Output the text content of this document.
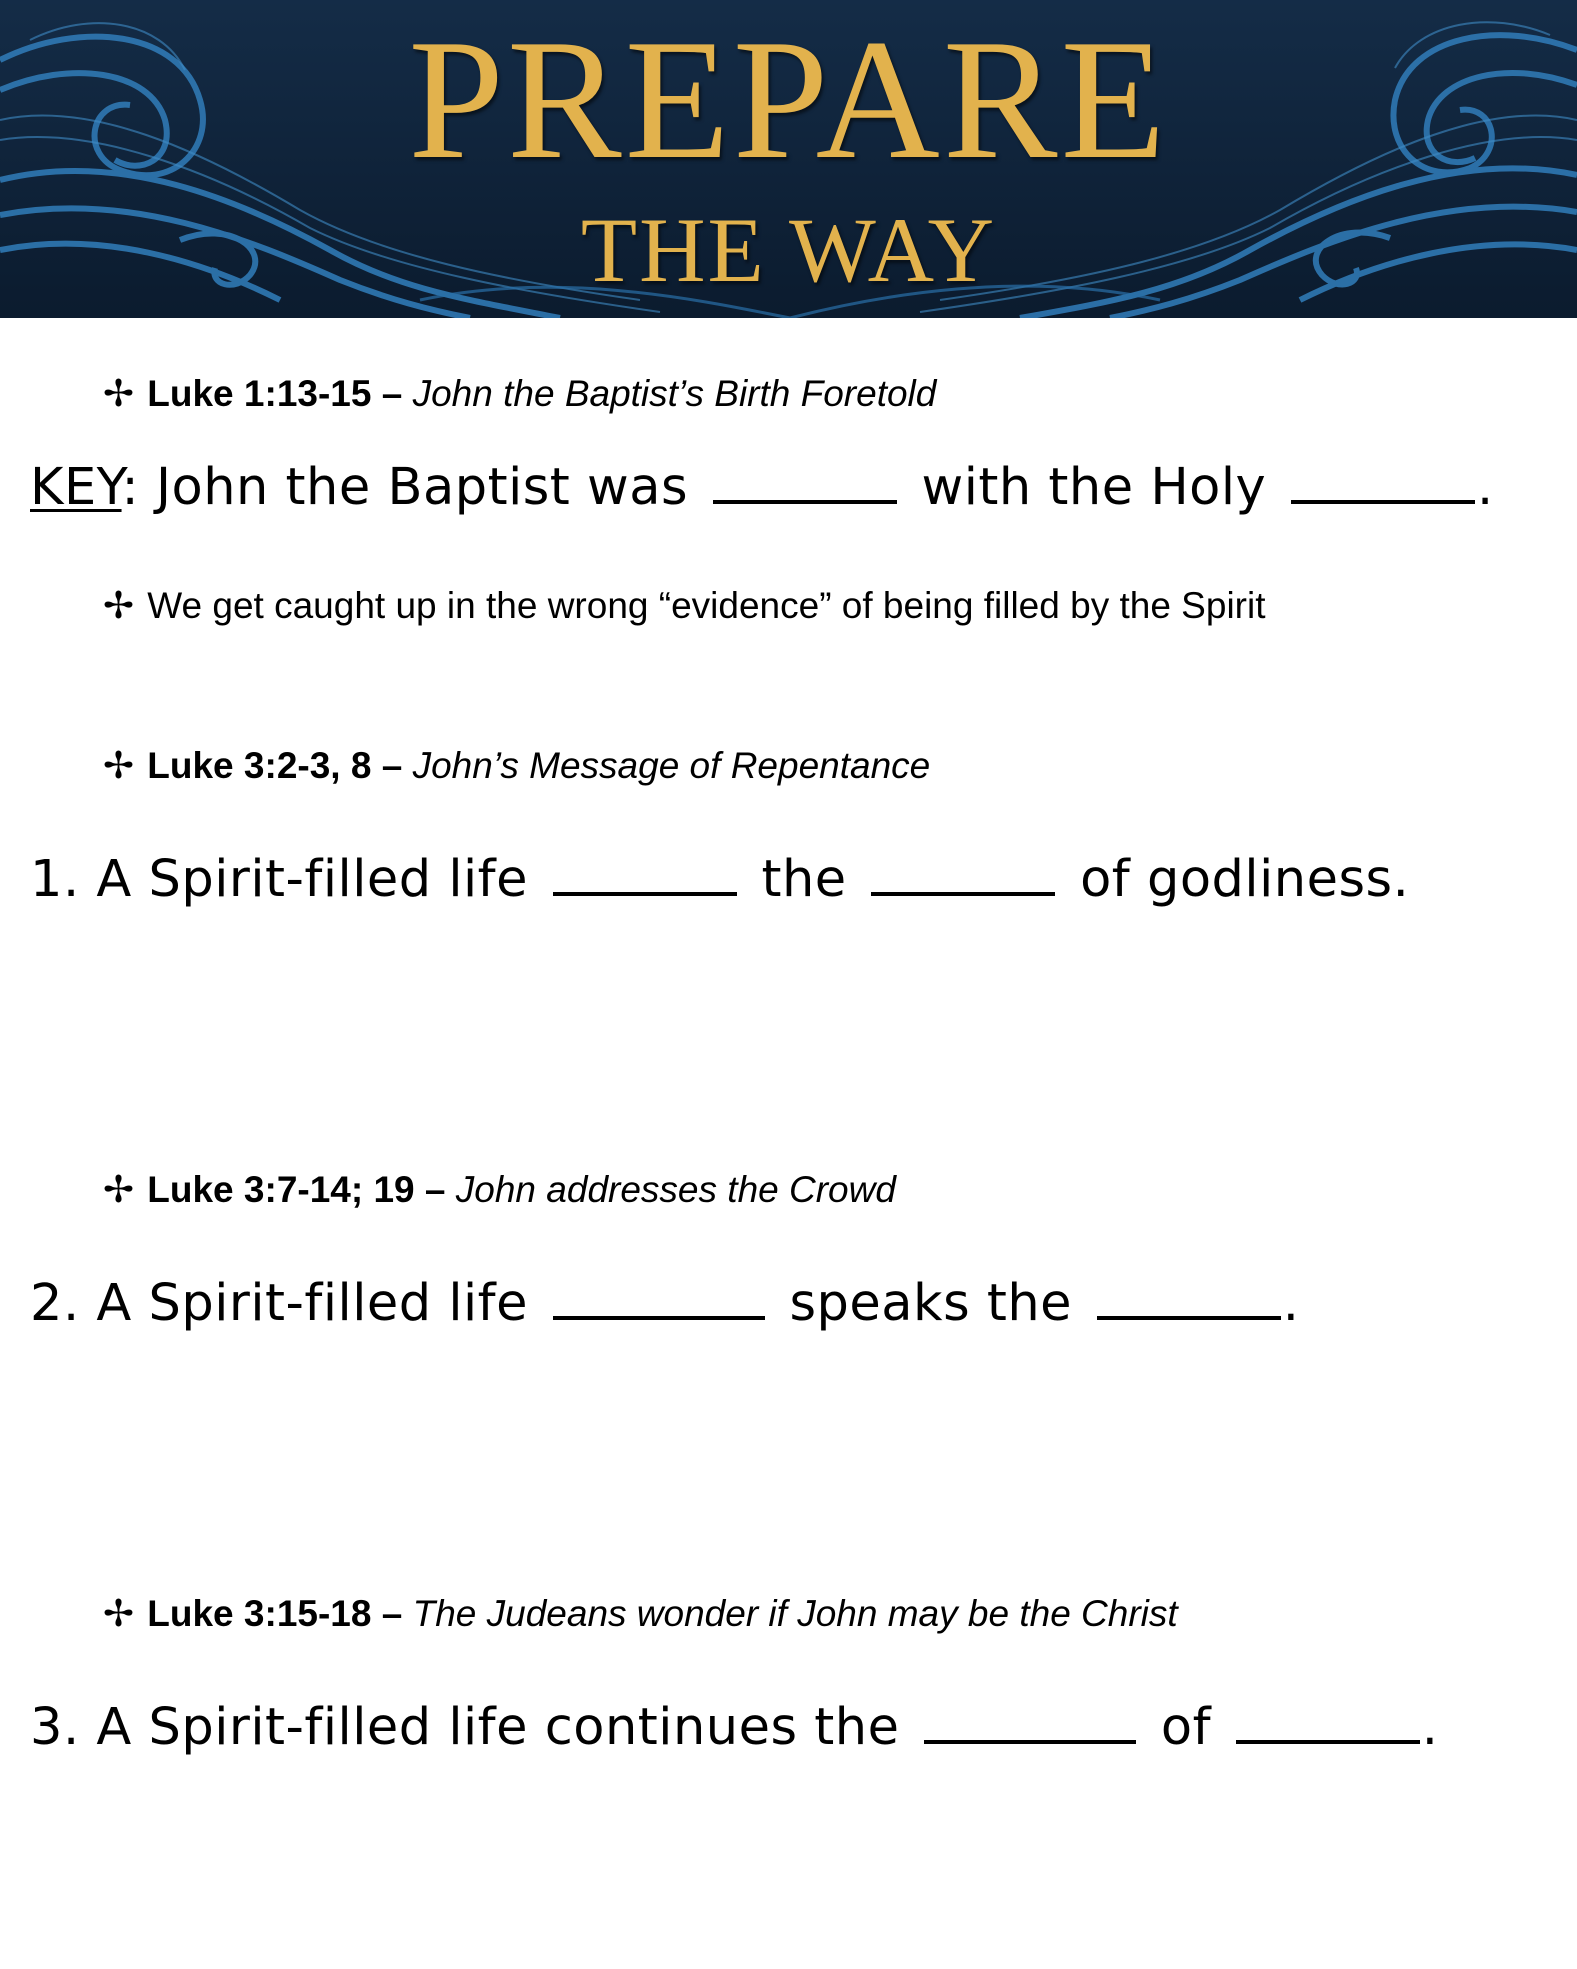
PREPARE
THE WAY
✢ Luke 1:13-15 – John the Baptist’s Birth Foretold
KEY: John the Baptist was	with the Holy	.
✢ We get caught up in the wrong “evidence” of being filled by the Spirit
✢ Luke 3:2-3, 8 – John’s Message of Repentance
1. A Spirit-filled life	the	of godliness.
✢ Luke 3:7-14; 19 – John addresses the Crowd
2. A Spirit-filled life	speaks the	.
✢ Luke 3:15-18 – The Judeans wonder if John may be the Christ
3. A Spirit-filled life continues the	of	.
